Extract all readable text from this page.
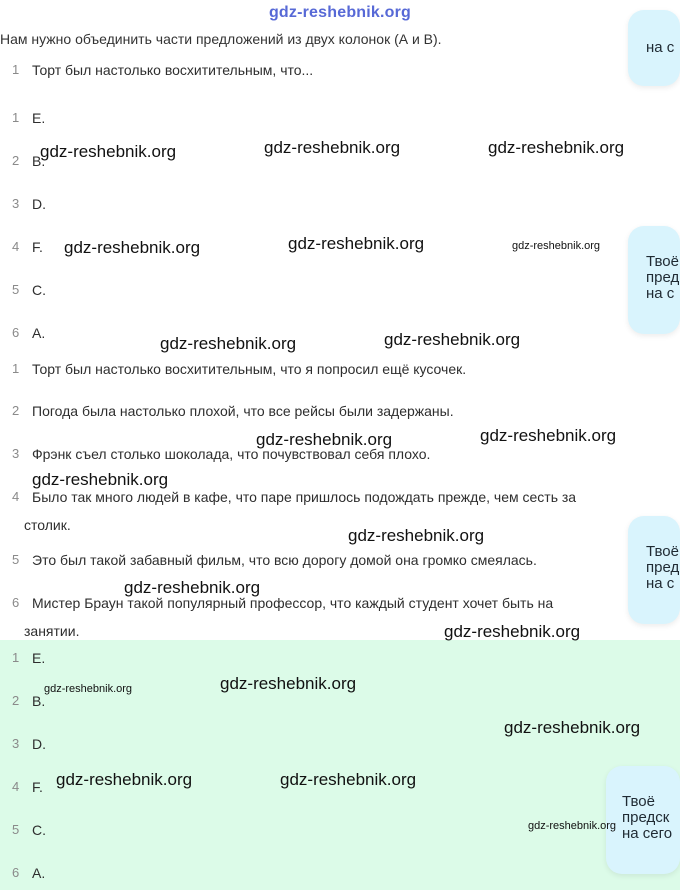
gdz-reshebnik.org
Нам нужно объединить части предложений из двух колонок (А и В).
1 Торт был настолько восхитительным, что...
1 E.
2 B.
3 D.
4 F.
5 C.
6 A.
1 Торт был настолько восхитительным, что я попросил ещё кусочек.
2 Погода была настолько плохой, что все рейсы были задержаны.
3 Фрэнк съел столько шоколада, что почувствовал себя плохо.
4 Было так много людей в кафе, что паре пришлось подождать прежде, чем сесть за
столик.
5 Это был такой забавный фильм, что всю дорогу домой она громко смеялась.
6 Мистер Браун такой популярный профессор, что каждый студент хочет быть на
занятии.
1 E.
2 B.
3 D.
4 F.
5 C.
6 A.
на с
Твоё
пред
на с
Твоё
пред
на с
Твоё
предск
на сего
gdz-reshebnik.org	gdz-reshebnik.org	gdz-reshebnik.org
gdz-reshebnik.org	gdz-reshebnik.org	gdz-reshebnik.org
gdz-reshebnik.org	gdz-reshebnik.org
gdz-reshebnik.org	gdz-reshebnik.org
gdz-reshebnik.org
gdz-reshebnik.org
gdz-reshebnik.org
gdz-reshebnik.org
gdz-reshebnik.org	gdz-reshebnik.org
gdz-reshebnik.org
gdz-reshebnik.org	gdz-reshebnik.org
gdz-reshebnik.org
